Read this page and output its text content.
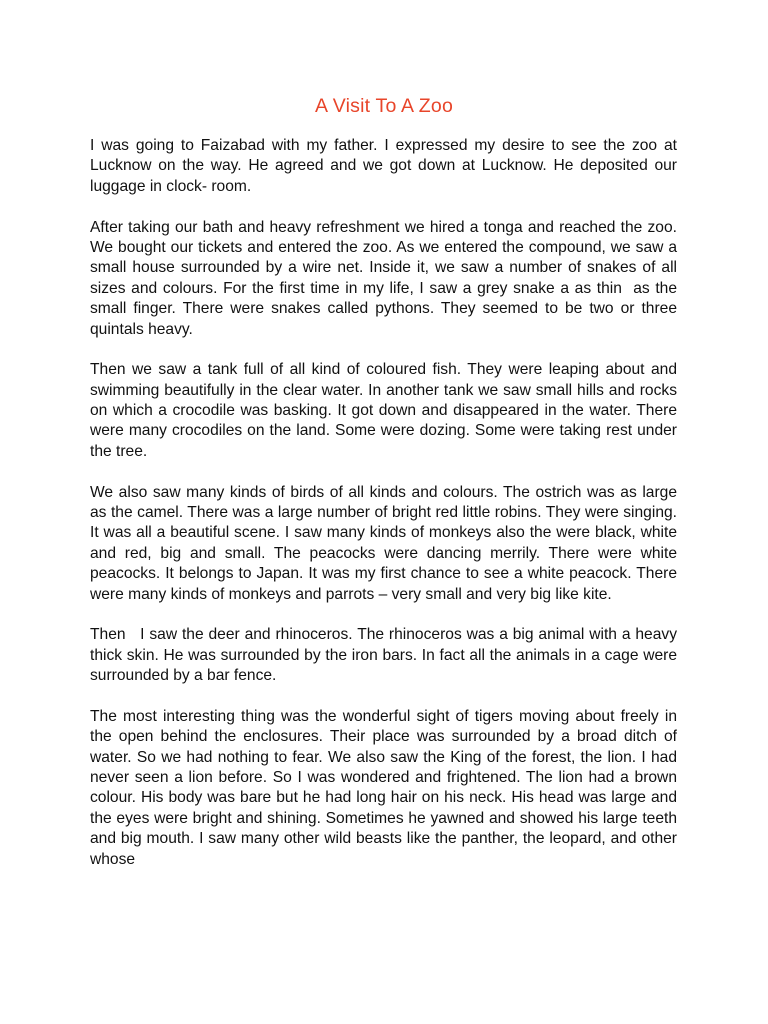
A Visit To A Zoo

I was going to Faizabad with my father. I expressed my desire to see the zoo at Lucknow on the way. He agreed and we got down at Lucknow. He deposited our luggage in clock- room.

After taking our bath and heavy refreshment we hired a tonga and reached the zoo. We bought our tickets and entered the zoo. As we entered the compound, we saw a small house surrounded by a wire net. Inside it, we saw a number of snakes of all sizes and colours. For the first time in my life, I saw a grey snake a as thin  as the small finger. There were snakes called pythons. They seemed to be two or three quintals heavy.

Then we saw a tank full of all kind of coloured fish. They were leaping about and swimming beautifully in the clear water. In another tank we saw small hills and rocks on which a crocodile was basking. It got down and disappeared in the water. There were many crocodiles on the land. Some were dozing. Some were taking rest under the tree.

We also saw many kinds of birds of all kinds and colours. The ostrich was as large as the camel. There was a large number of bright red little robins. They were singing. It was all a beautiful scene. I saw many kinds of monkeys also the were black, white and red, big and small. The peacocks were dancing merrily. There were white peacocks. It belongs to Japan. It was my first chance to see a white peacock. There were many kinds of monkeys and parrots – very small and very big like kite.

Then   I saw the deer and rhinoceros. The rhinoceros was a big animal with a heavy thick skin. He was surrounded by the iron bars. In fact all the animals in a cage were surrounded by a bar fence.

The most interesting thing was the wonderful sight of tigers moving about freely in the open behind the enclosures. Their place was surrounded by a broad ditch of water. So we had nothing to fear. We also saw the King of the forest, the lion. I had never seen a lion before. So I was wondered and frightened. The lion had a brown colour. His body was bare but he had long hair on his neck. His head was large and the eyes were bright and shining. Sometimes he yawned and showed his large teeth and big mouth. I saw many other wild beasts like the panther, the leopard, and other whose
